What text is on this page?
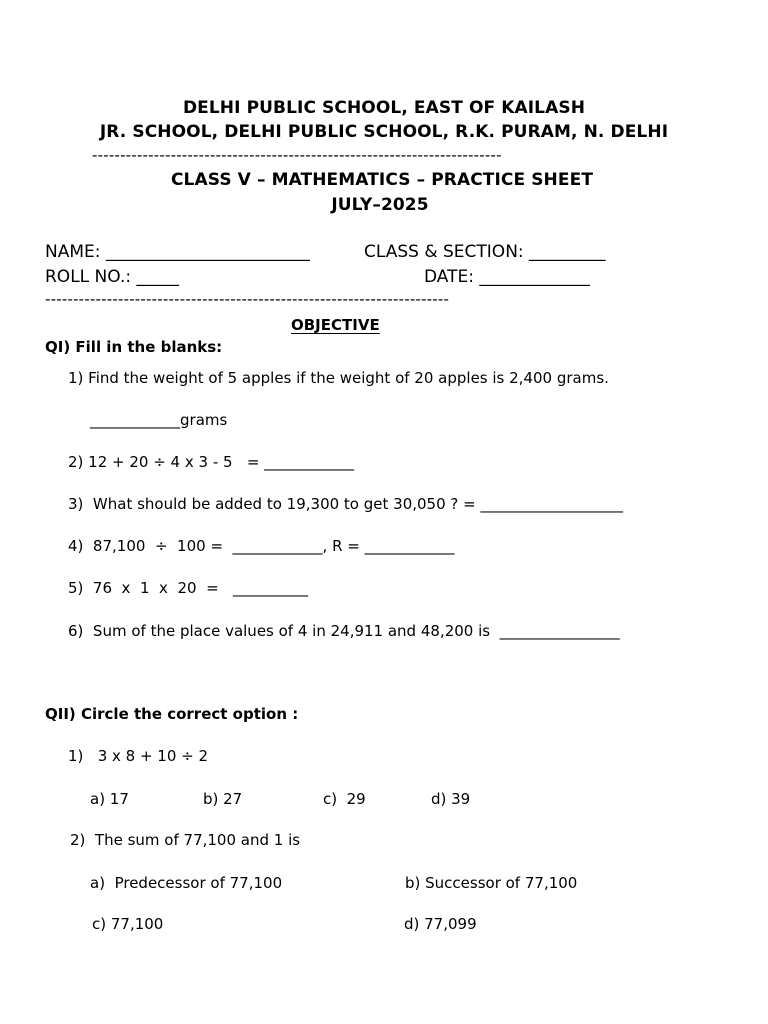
DELHI PUBLIC SCHOOL, EAST OF KAILASH
JR. SCHOOL, DELHI PUBLIC SCHOOL, R.K. PURAM, N. DELHI
-------------------------------------------------------------------------
CLASS V – MATHEMATICS – PRACTICE SHEET
JULY–2025
NAME: ________________________	CLASS & SECTION: _________
ROLL NO.: _____	DATE: _____________
------------------------------------------------------------------------
OBJECTIVE
QI) Fill in the blanks:
1) Find the weight of 5 apples if the weight of 20 apples is 2,400 grams.
____________grams
2) 12 + 20 ÷ 4 x 3 - 5   = ____________
3)  What should be added to 19,300 to get 30,050 ? = ___________________
4)  87,100  ÷  100 =  ____________, R = ____________
5)  76  x  1  x  20  =   __________
6)  Sum of the place values of 4 in 24,911 and 48,200 is  ________________
QII) Circle the correct option :
1)   3 x 8 + 10 ÷ 2
a) 17	b) 27	c)  29	d) 39
2)  The sum of 77,100 and 1 is
a)  Predecessor of 77,100	b) Successor of 77,100
c) 77,100	d) 77,099
